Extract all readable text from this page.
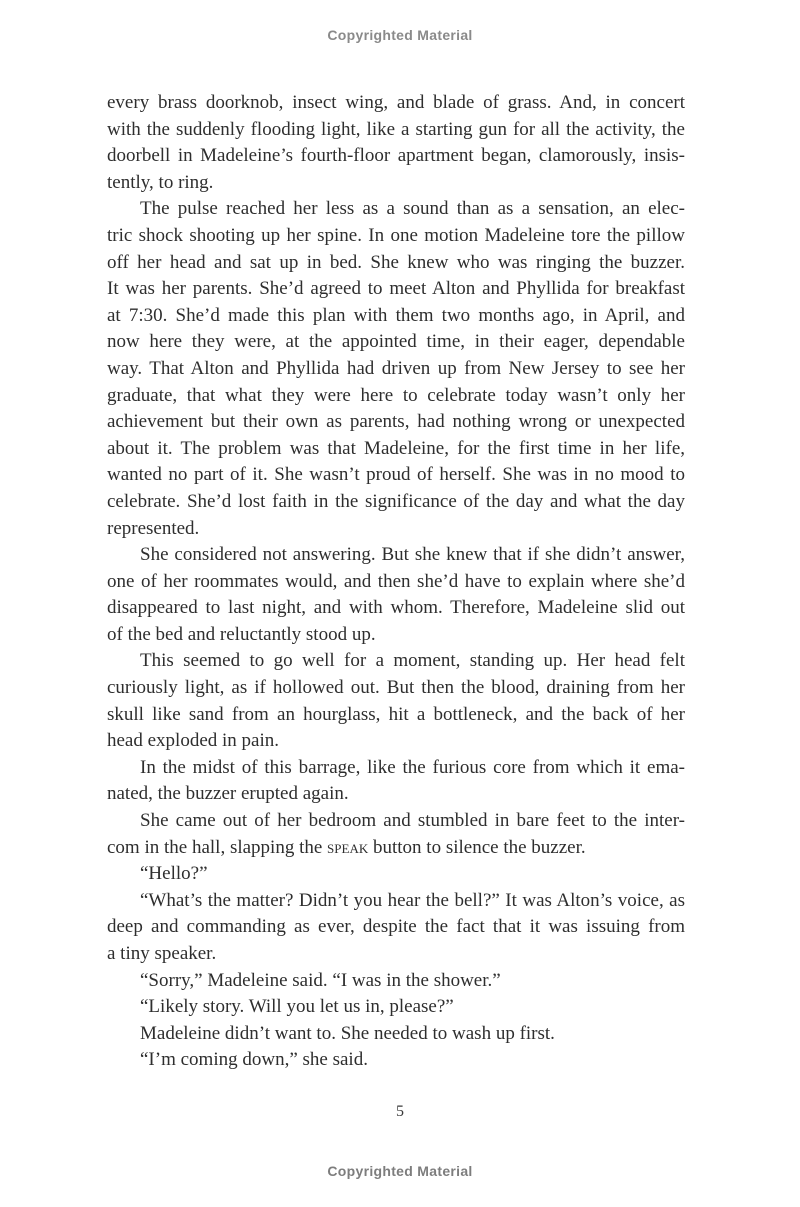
Copyrighted Material
every brass doorknob, insect wing, and blade of grass. And, in concert
with the suddenly flooding light, like a starting gun for all the activity, the
doorbell in Madeleine’s fourth-floor apartment began, clamorously, insis-
tently, to ring.
The pulse reached her less as a sound than as a sensation, an elec-
tric shock shooting up her spine. In one motion Madeleine tore the pillow
off her head and sat up in bed. She knew who was ringing the buzzer.
It was her parents. She’d agreed to meet Alton and Phyllida for breakfast
at 7:30. She’d made this plan with them two months ago, in April, and
now here they were, at the appointed time, in their eager, dependable
way. That Alton and Phyllida had driven up from New Jersey to see her
graduate, that what they were here to celebrate today wasn’t only her
achievement but their own as parents, had nothing wrong or unexpected
about it. The problem was that Madeleine, for the first time in her life,
wanted no part of it. She wasn’t proud of herself. She was in no mood to
celebrate. She’d lost faith in the significance of the day and what the day
represented.
She considered not answering. But she knew that if she didn’t answer,
one of her roommates would, and then she’d have to explain where she’d
disappeared to last night, and with whom. Therefore, Madeleine slid out
of the bed and reluctantly stood up.
This seemed to go well for a moment, standing up. Her head felt
curiously light, as if hollowed out. But then the blood, draining from her
skull like sand from an hourglass, hit a bottleneck, and the back of her
head exploded in pain.
In the midst of this barrage, like the furious core from which it ema-
nated, the buzzer erupted again.
She came out of her bedroom and stumbled in bare feet to the inter-
com in the hall, slapping the speak button to silence the buzzer.
“Hello?”
“What’s the matter? Didn’t you hear the bell?” It was Alton’s voice, as
deep and commanding as ever, despite the fact that it was issuing from
a tiny speaker.
“Sorry,” Madeleine said. “I was in the shower.”
“Likely story. Will you let us in, please?”
Madeleine didn’t want to. She needed to wash up first.
“I’m coming down,” she said.
5
Copyrighted Material
